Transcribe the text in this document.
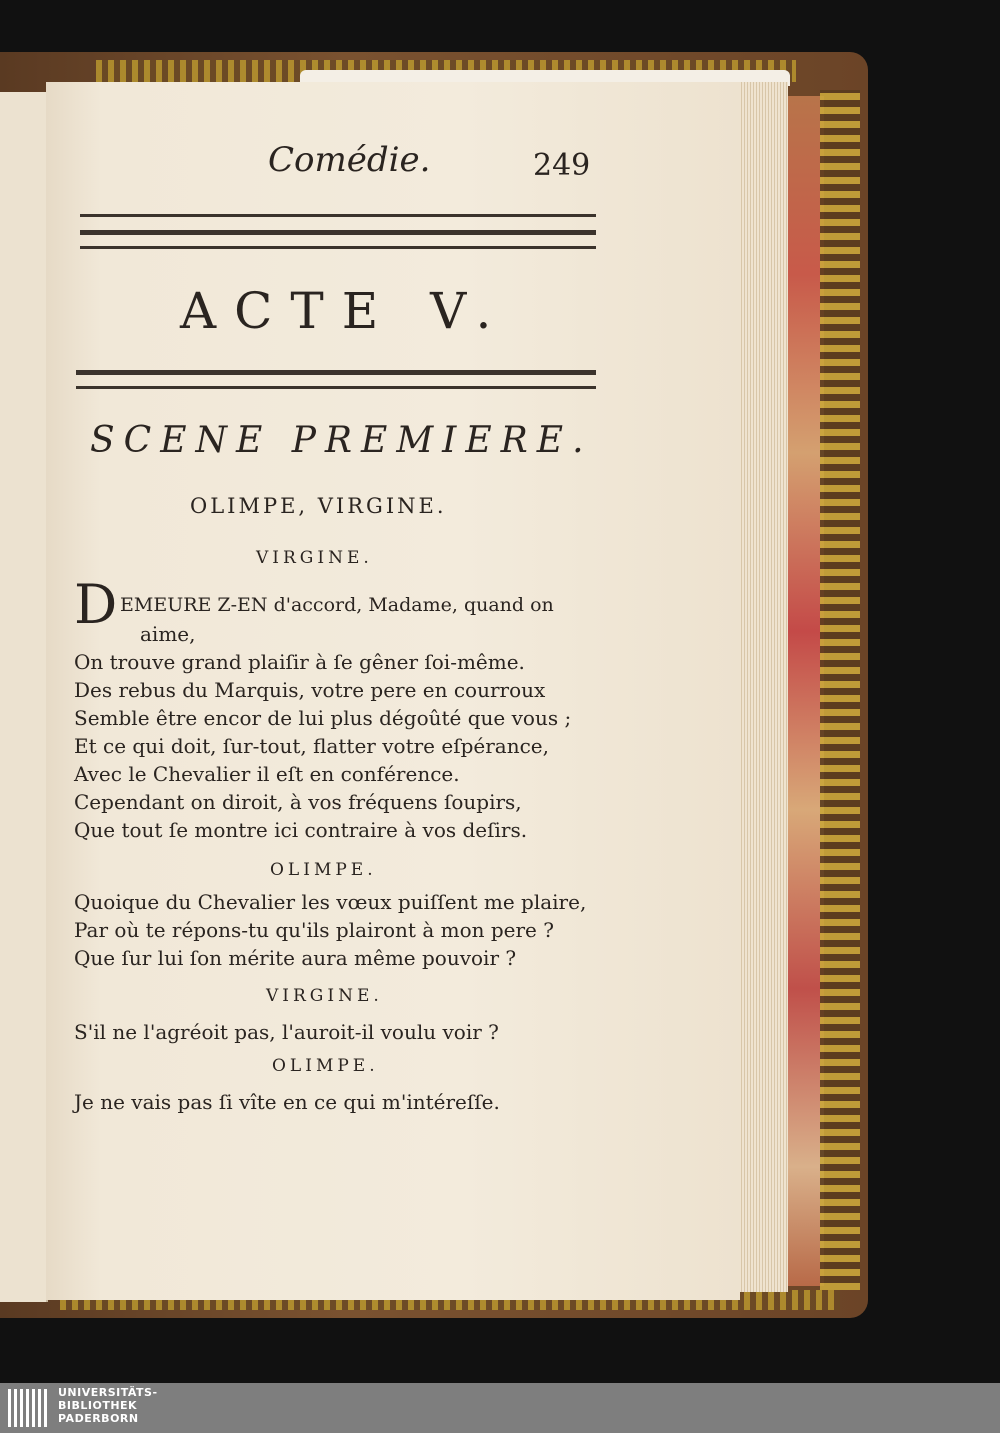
Comédie.	249
ACTE V.
SCENE PREMIERE.
OLIMPE, VIRGINE.
VIRGINE.
D EMEURE Z-EN d'accord, Madame, quand on
aime,
On trouve grand plaiſir à ſe gêner ſoi-même.
Des rebus du Marquis, votre pere en courroux
Semble être encor de lui plus dégoûté que vous ;
Et ce qui doit, ſur-tout, flatter votre eſpérance,
Avec le Chevalier il eſt en conférence.
Cependant on diroit, à vos fréquens ſoupirs,
Que tout ſe montre ici contraire à vos deſirs.
OLIMPE.
Quoique du Chevalier les vœux puiſſent me plaire,
Par où te répons-tu qu'ils plairont à mon pere ?
Que ſur lui ſon mérite aura même pouvoir ?
VIRGINE.
S'il ne l'agréoit pas, l'auroit-il voulu voir ?
OLIMPE.
Je ne vais pas ſi vîte en ce qui m'intéreſſe.
UNIVERSITÄTS-
BIBLIOTHEK
PADERBORN
